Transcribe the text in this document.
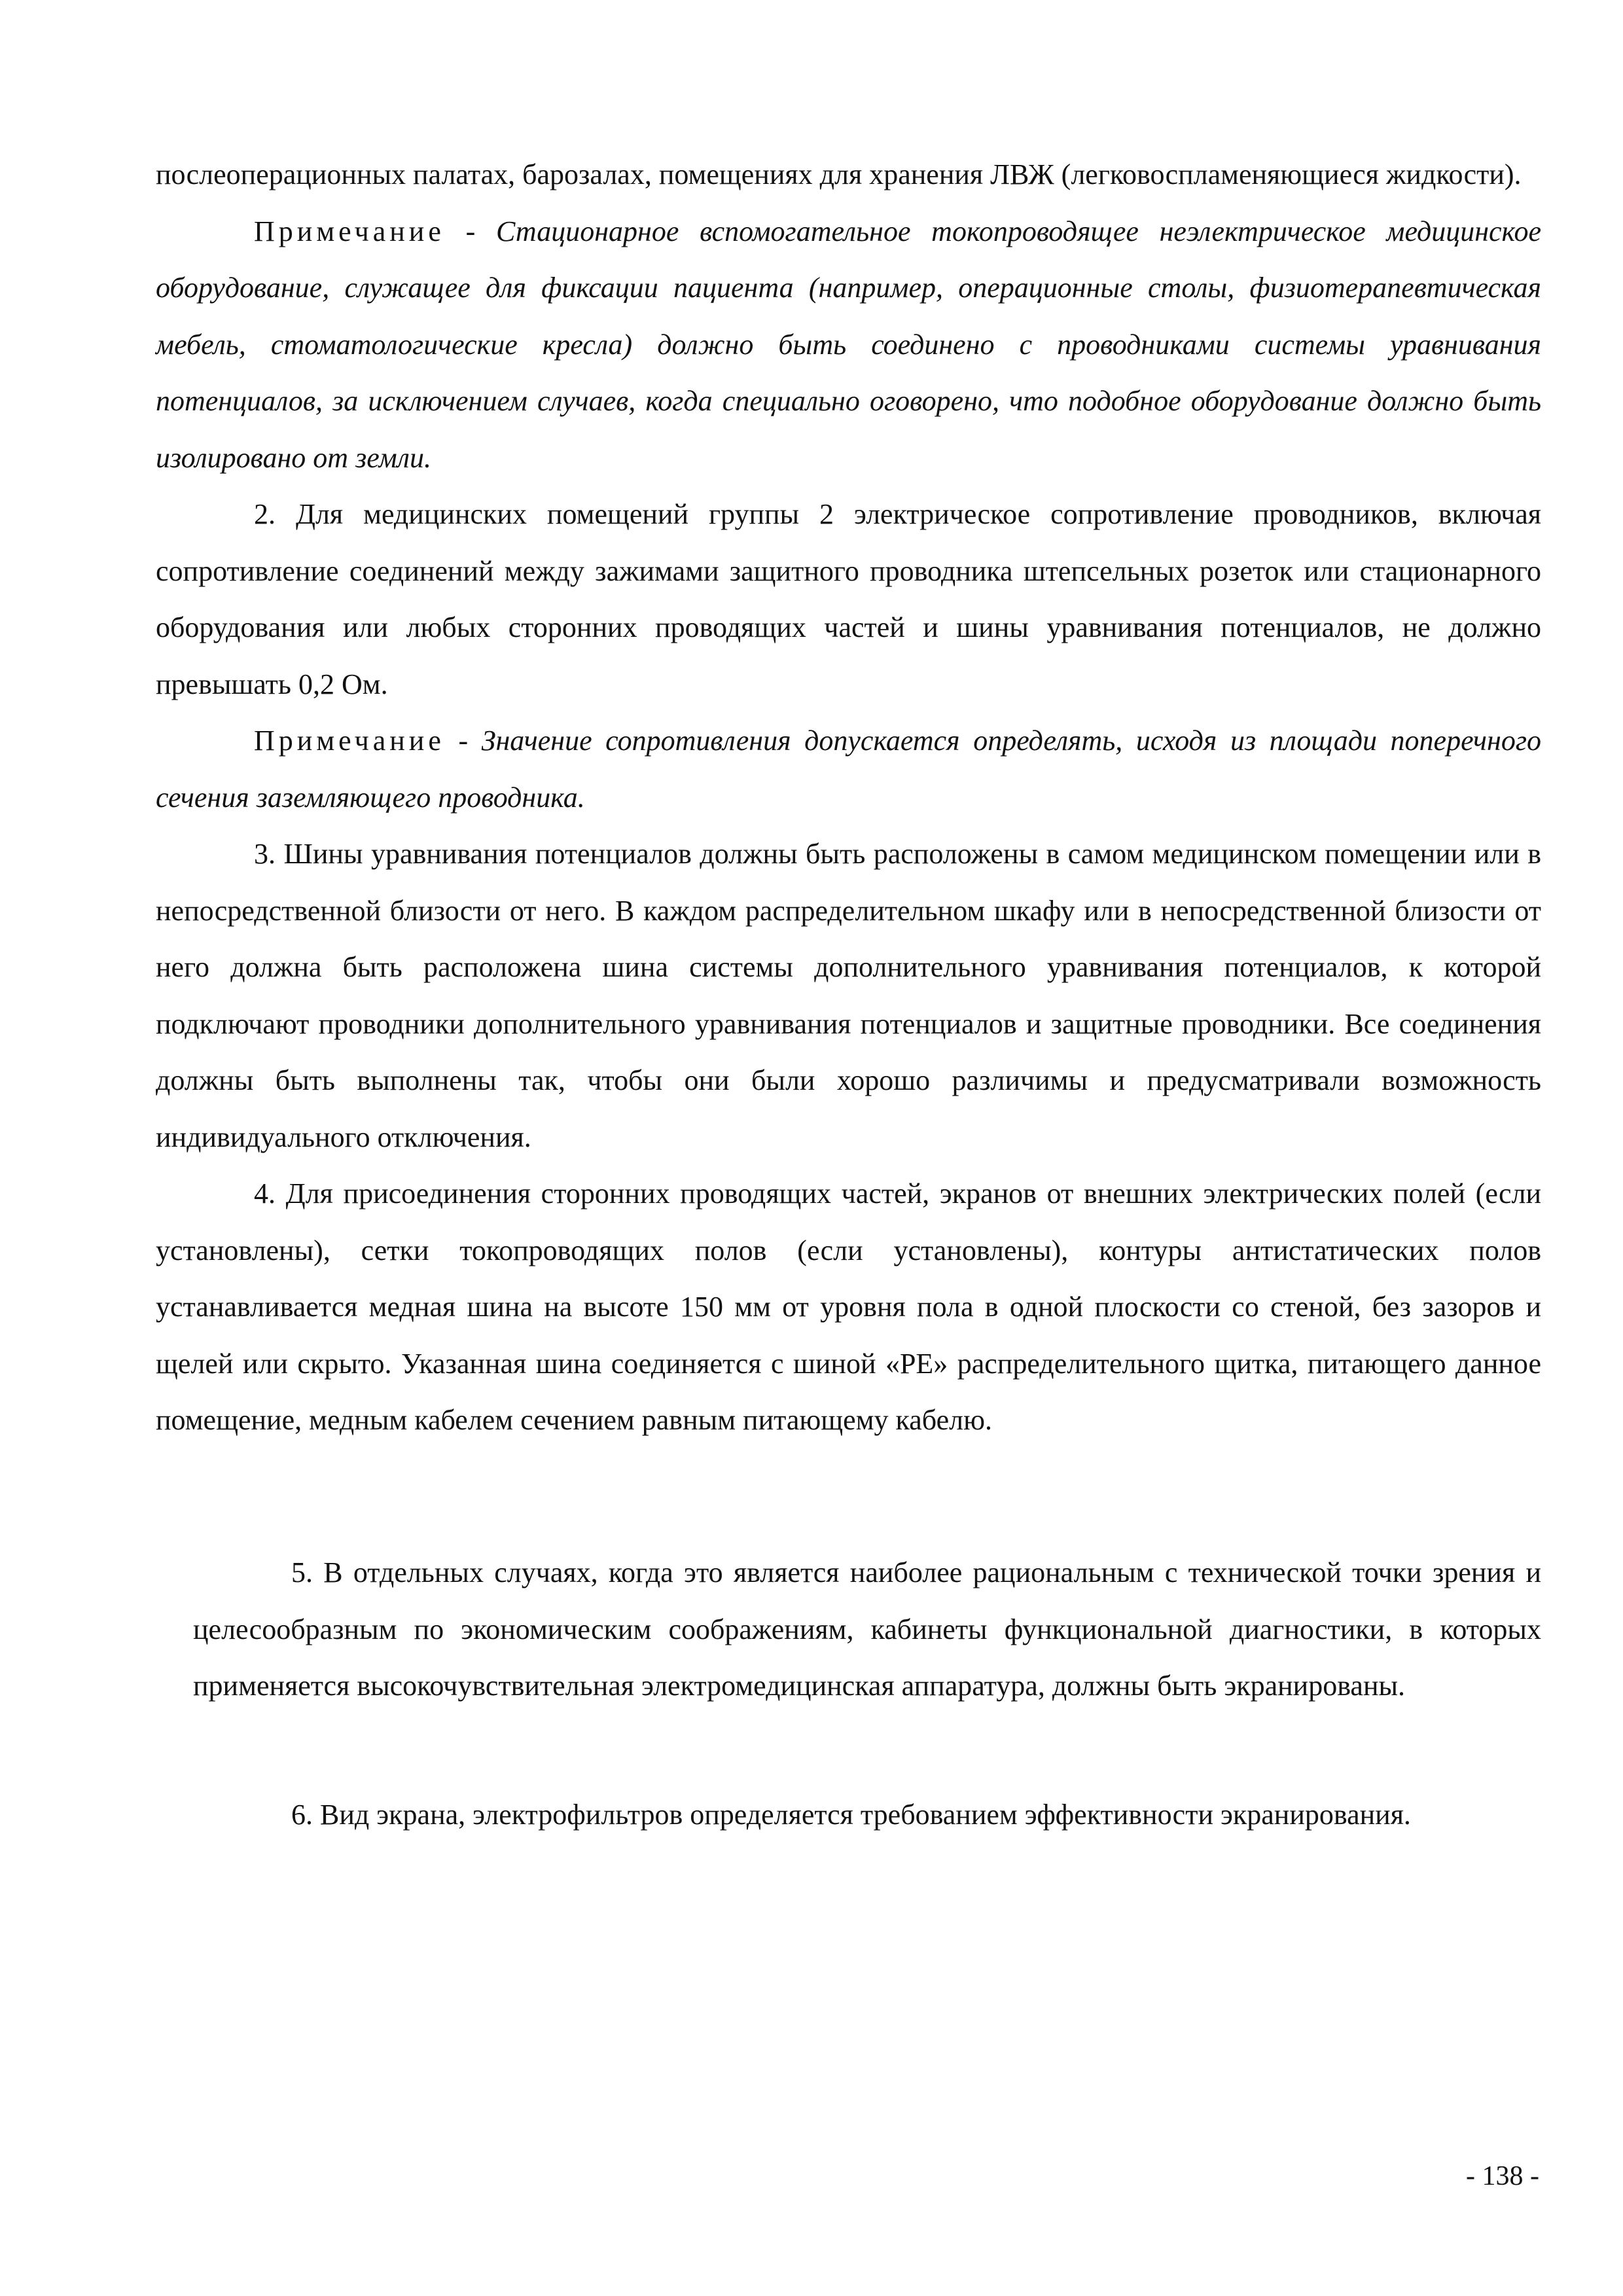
послеоперационных палатах, барозалах, помещениях для хранения ЛВЖ (легковоспламеняющиеся жидкости).

Примечание - Стационарное вспомогательное токопроводящее неэлектрическое медицинское оборудование, служащее для фиксации пациента (например, операционные столы, физиотерапевтическая мебель, стоматологические кресла) должно быть соединено с проводниками системы уравнивания потенциалов, за исключением случаев, когда специально оговорено, что подобное оборудование должно быть изолировано от земли.

2. Для медицинских помещений группы 2 электрическое сопротивление проводников, включая сопротивление соединений между зажимами защитного проводника штепсельных розеток или стационарного оборудования или любых сторонних проводящих частей и шины уравнивания потенциалов, не должно превышать 0,2 Ом.

Примечание - Значение сопротивления допускается определять, исходя из площади поперечного сечения заземляющего проводника.

3. Шины уравнивания потенциалов должны быть расположены в самом медицинском помещении или в непосредственной близости от него. В каждом распределительном шкафу или в непосредственной близости от него должна быть расположена шина системы дополнительного уравнивания потенциалов, к которой подключают проводники дополнительного уравнивания потенциалов и защитные проводники. Все соединения должны быть выполнены так, чтобы они были хорошо различимы и предусматривали возможность индивидуального отключения.

4. Для присоединения сторонних проводящих частей, экранов от внешних электрических полей (если установлены), сетки токопроводящих полов (если установлены), контуры антистатических полов устанавливается медная шина на высоте 150 мм от уровня пола в одной плоскости со стеной, без зазоров и щелей или скрыто. Указанная шина соединяется с шиной «РЕ» распределительного щитка, питающего данное помещение, медным кабелем сечением равным питающему кабелю.

5. В отдельных случаях, когда это является наиболее рациональным с технической точки зрения и целесообразным по экономическим соображениям, кабинеты функциональной диагностики, в которых применяется высокочувствительная электромедицинская аппаратура, должны быть экранированы.

6. Вид экрана, электрофильтров определяется требованием эффективности экранирования.

- 138 -
